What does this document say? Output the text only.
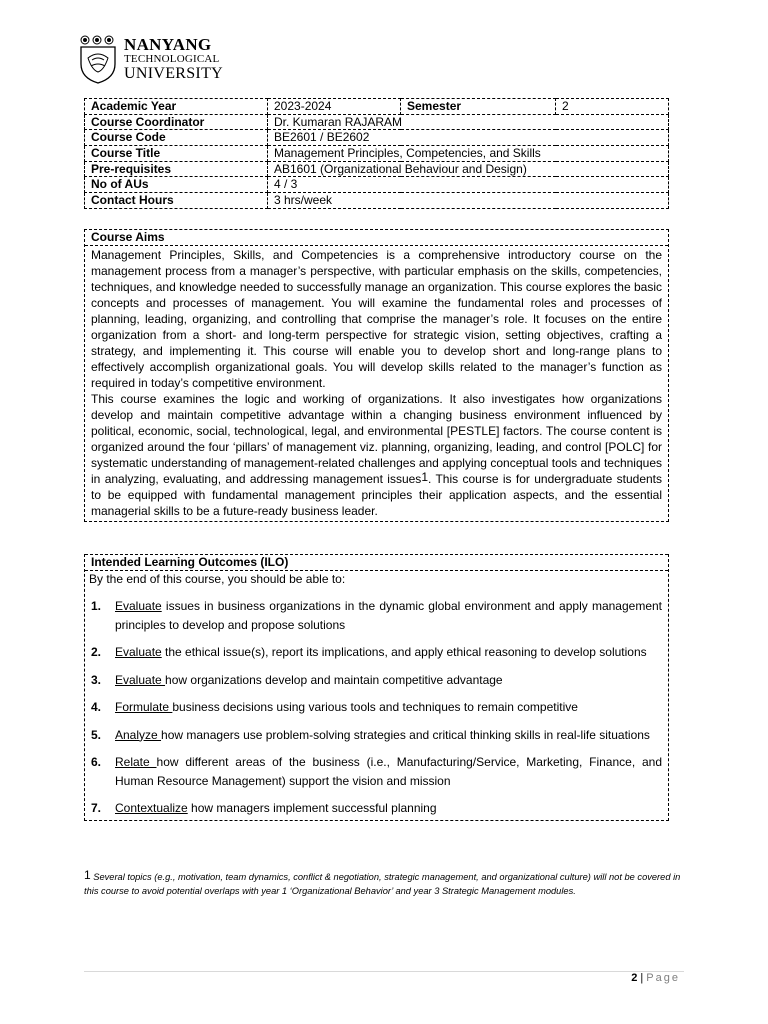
NANYANG
TECHNOLOGICAL
UNIVERSITY
Academic Year	2023-2024	Semester	2
Course Coordinator	Dr. Kumaran RAJARAM		
Course Code	BE2601 / BE2602		
Course Title	Management Principles, Competencies, and Skills		
Pre-requisites	AB1601 (Organizational Behaviour and Design)		
No of AUs	4 / 3		
Contact Hours	3 hrs/week		
Course Aims
Management Principles, Skills, and Competencies is a comprehensive introductory course on the management process from a manager’s perspective, with particular emphasis on the skills, competencies, techniques, and knowledge needed to successfully manage an organization. This course explores the basic concepts and processes of management. You will examine the fundamental roles and processes of planning, leading, organizing, and controlling that comprise the manager’s role. It focuses on the entire organization from a short- and long-term perspective for strategic vision, setting objectives, crafting a strategy, and implementing it. This course will enable you to develop short and long-range plans to effectively accomplish organizational goals. You will develop skills related to the manager’s function as required in today’s competitive environment.
This course examines the logic and working of organizations. It also investigates how organizations develop and maintain competitive advantage within a changing business environment influenced by political, economic, social, technological, legal, and environmental [PESTLE] factors. The course content is organized around the four ‘pillars’ of management viz. planning, organizing, leading, and control [POLC] for systematic understanding of management-related challenges and applying conceptual tools and techniques in analyzing, evaluating, and addressing management issues$^1$. This course is for undergraduate students to be equipped with fundamental management principles their application aspects, and the essential managerial skills to be a future-ready business leader.
Intended Learning Outcomes (ILO)
By the end of this course, you should be able to:
1.	Evaluate issues in business organizations in the dynamic global environment and apply management principles to develop and propose solutions
2.	Evaluate the ethical issue(s), report its implications, and apply ethical reasoning to develop solutions
3.	Evaluate how organizations develop and maintain competitive advantage
4.	Formulate business decisions using various tools and techniques to remain competitive
5.	Analyze how managers use problem-solving strategies and critical thinking skills in real-life situations
6.	Relate how different areas of the business (i.e., Manufacturing/Service, Marketing, Finance, and Human Resource Management) support the vision and mission
7.	Contextualize how managers implement successful planning
1 Several topics (e.g., motivation, team dynamics, conflict & negotiation, strategic management, and organizational culture) will not be covered in this course to avoid potential overlaps with year 1 ‘Organizational Behavior’ and year 3 Strategic Management modules.
2 | Page
